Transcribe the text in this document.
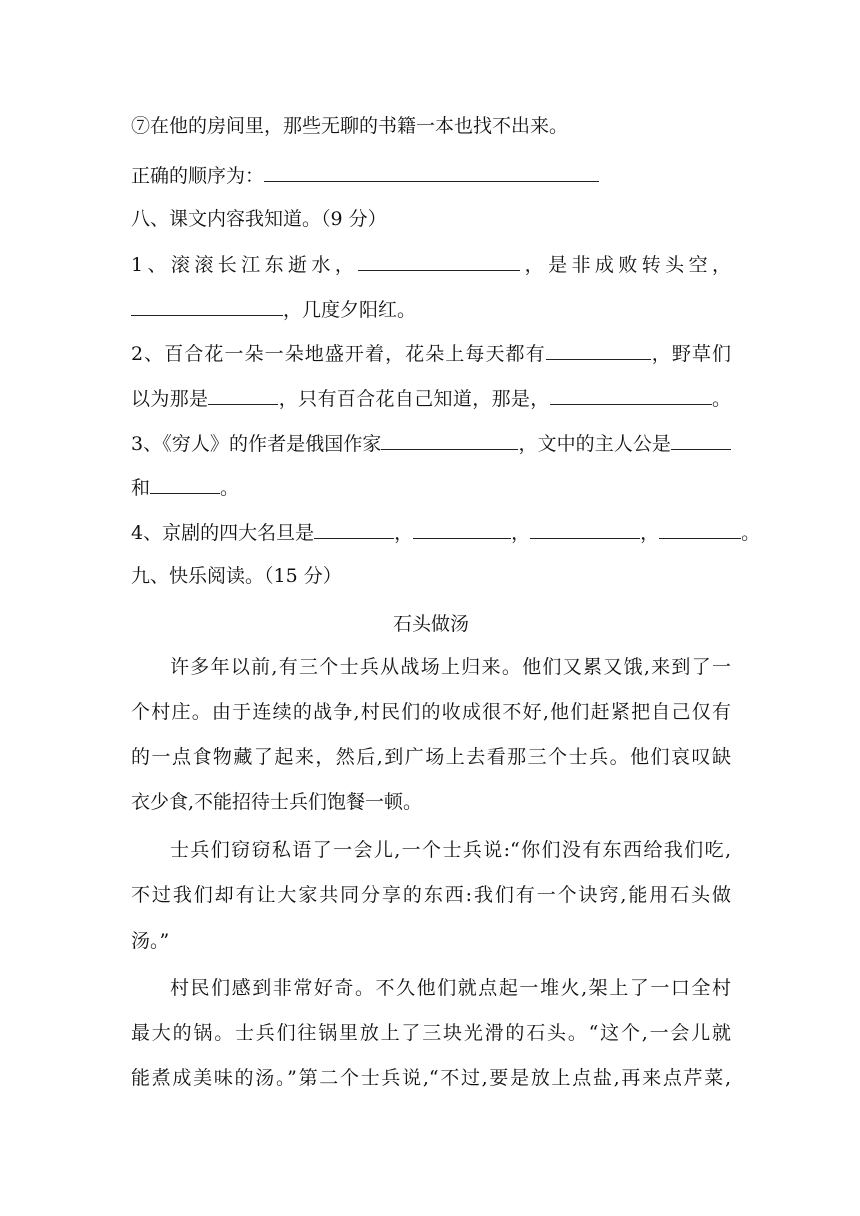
⑦在他的房间里，那些无聊的书籍一本也找不出来。
正确的顺序为：
八、课文内容我知道。（9 分）
1、滚滚长江东逝水，	，是非成败转头空，
，几度夕阳红。
2、百合花一朵一朵地盛开着，花朵上每天都有	，野草们
以为那是	，只有百合花自己知道，那是，	。
3、《穷人》的作者是俄国作家	，文中的主人公是
和	。
4、京剧的四大名旦是	，	，	，	。
九、快乐阅读。（15 分）
石头做汤
许多年以前,有三个士兵从战场上归来。他们又累又饿,来到了一
个村庄。由于连续的战争,村民们的收成很不好,他们赶紧把自己仅有
的一点食物藏了起来，然后,到广场上去看那三个士兵。他们哀叹缺
衣少食,不能招待士兵们饱餐一顿。
士兵们窃窃私语了一会儿,一个士兵说:“你们没有东西给我们吃,
不过我们却有让大家共同分享的东西:我们有一个诀窍,能用石头做
汤。”
村民们感到非常好奇。不久他们就点起一堆火,架上了一口全村
最大的锅。士兵们往锅里放上了三块光滑的石头。“这个,一会儿就
能煮成美味的汤。”第二个士兵说,“不过,要是放上点盐,再来点芹菜,
